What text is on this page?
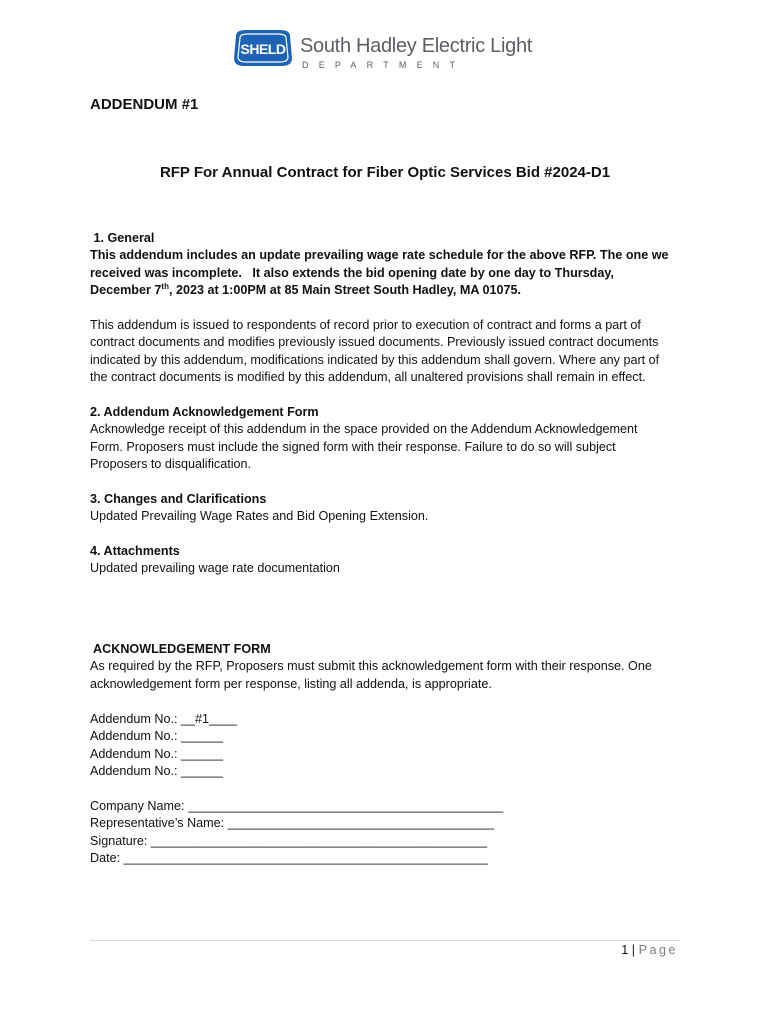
SHELD South Hadley Electric Light
DEPARTMENT
ADDENDUM #1
RFP For Annual Contract for Fiber Optic Services Bid #2024-D1
1. General
This addendum includes an update prevailing wage rate schedule for the above RFP. The one we
received was incomplete.   It also extends the bid opening date by one day to Thursday,
December 7th, 2023 at 1:00PM at 85 Main Street South Hadley, MA 01075.
This addendum is issued to respondents of record prior to execution of contract and forms a part of
contract documents and modifies previously issued documents. Previously issued contract documents
indicated by this addendum, modifications indicated by this addendum shall govern. Where any part of
the contract documents is modified by this addendum, all unaltered provisions shall remain in effect.
2. Addendum Acknowledgement Form
Acknowledge receipt of this addendum in the space provided on the Addendum Acknowledgement
Form. Proposers must include the signed form with their response. Failure to do so will subject
Proposers to disqualification.
3. Changes and Clarifications
Updated Prevailing Wage Rates and Bid Opening Extension.
4. Attachments
Updated prevailing wage rate documentation
ACKNOWLEDGEMENT FORM
As required by the RFP, Proposers must submit this acknowledgement form with their response. One
acknowledgement form per response, listing all addenda, is appropriate.
Addendum No.: __#1____
Addendum No.: ______
Addendum No.: ______
Addendum No.: ______
Company Name: _____________________________________________
Representative’s Name: ______________________________________
Signature: ________________________________________________
Date: ____________________________________________________
1 | Page
